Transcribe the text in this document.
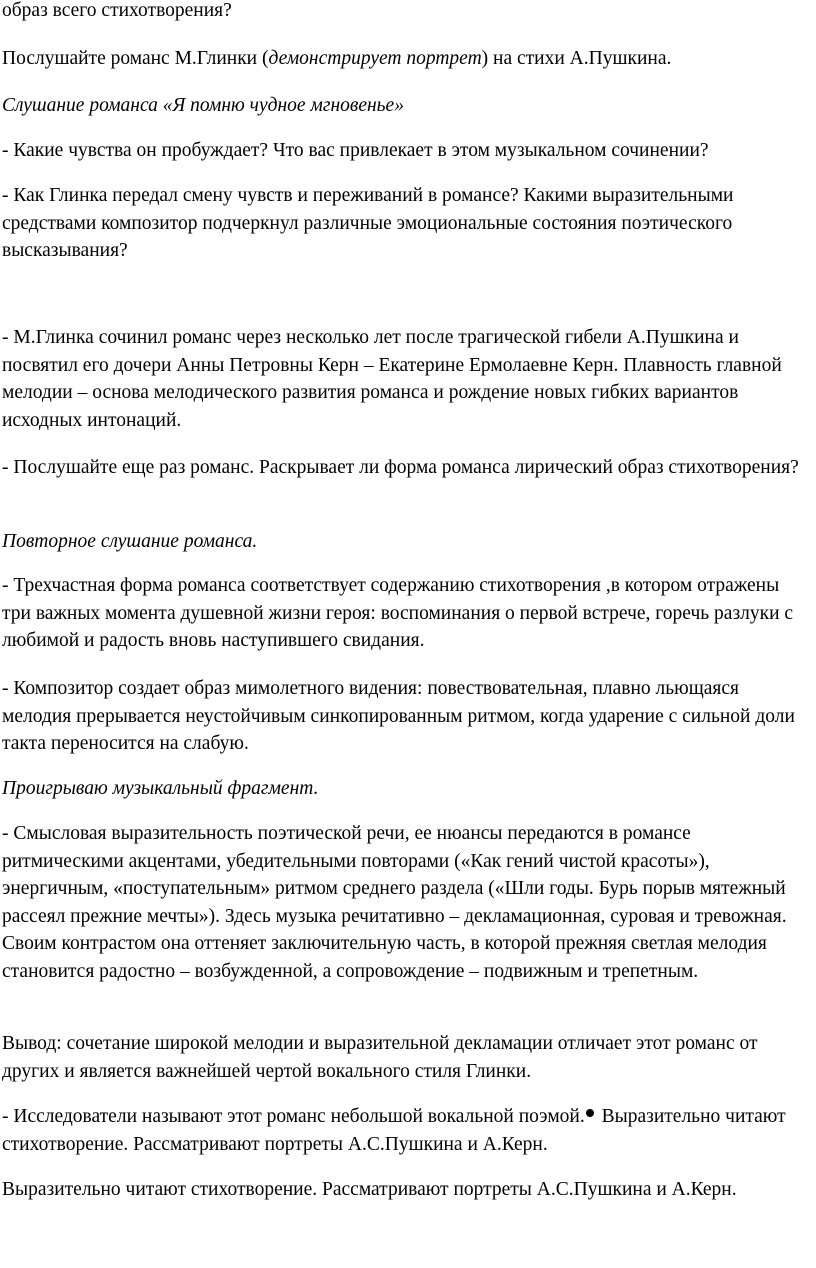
образ всего стихотворения?

Послушайте романс М.Глинки (демонстрирует портрет) на стихи А.Пушкина.

Слушание романса «Я помню чудное мгновенье»

- Какие чувства он пробуждает? Что вас привлекает в этом музыкальном сочинении?

- Как Глинка передал смену чувств и переживаний в романсе? Какими выразительными средствами композитор подчеркнул различные эмоциональные состояния поэтического высказывания?

- М.Глинка сочинил романс через несколько лет после трагической гибели А.Пушкина и посвятил его дочери Анны Петровны Керн – Екатерине Ермолаевне Керн. Плавность главной мелодии – основа мелодического развития романса и рождение новых гибких вариантов исходных интонаций.

- Послушайте еще раз романс. Раскрывает ли форма романса лирический образ стихотворения?

Повторное слушание романса.

- Трехчастная форма романса соответствует содержанию стихотворения ,в котором отражены три важных момента душевной жизни героя: воспоминания о первой встрече, горечь разлуки с любимой и радость вновь наступившего свидания.

- Композитор создает образ мимолетного видения: повествовательная, плавно льющаяся мелодия прерывается неустойчивым синкопированным ритмом, когда ударение с сильной доли такта переносится на слабую.

Проигрываю музыкальный фрагмент.

- Смысловая выразительность поэтической речи, ее нюансы передаются в романсе ритмическими акцентами, убедительными повторами («Как гений чистой красоты»), энергичным, «поступательным» ритмом среднего раздела («Шли годы. Бурь порыв мятежный рассеял прежние мечты»). Здесь музыка речитативно – декламационная, суровая и тревожная. Своим контрастом она оттеняет заключительную часть, в которой прежняя светлая мелодия становится радостно – возбужденной, а сопровождение – подвижным и трепетным.

Вывод: сочетание широкой мелодии и выразительной декламации отличает этот романс от других и является важнейшей чертой вокального стиля Глинки.

- Исследователи называют этот романс небольшой вокальной поэмой. Выразительно читают стихотворение. Рассматривают портреты А.С.Пушкина и А.Керн.

Выразительно читают стихотворение. Рассматривают портреты А.С.Пушкина и А.Керн.
